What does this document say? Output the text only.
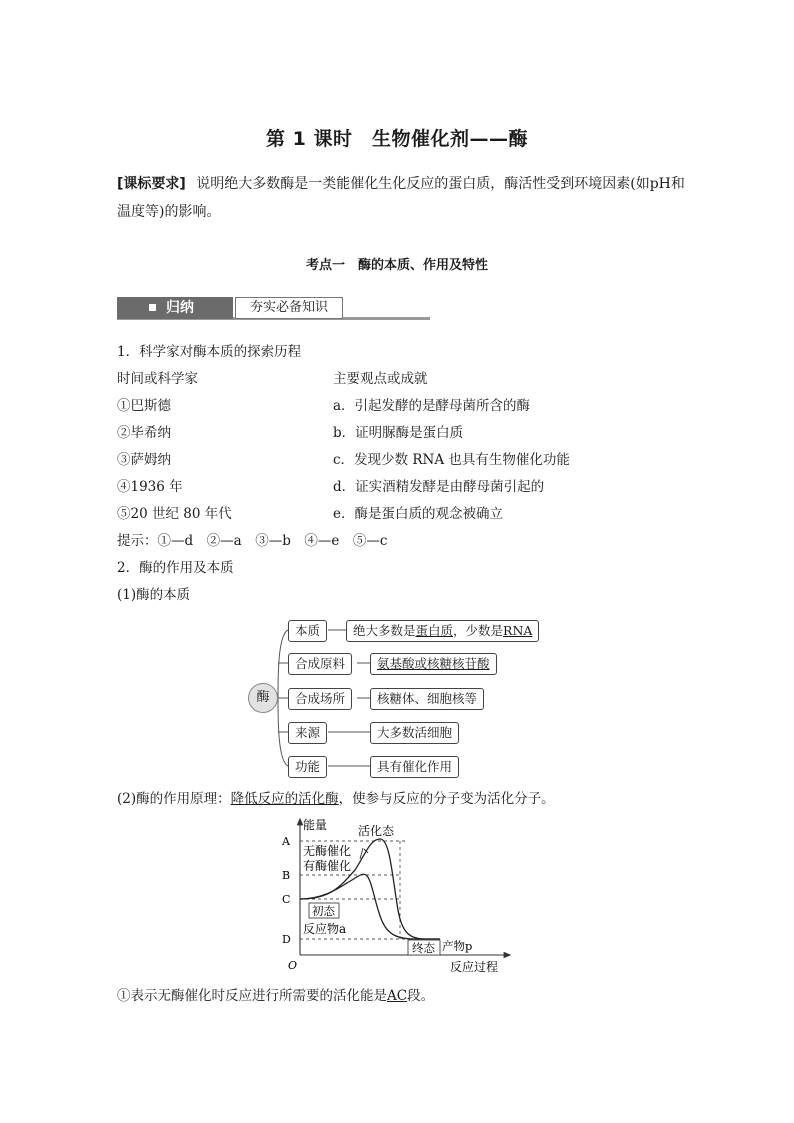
第 1 课时　生物催化剂——酶
[课标要求] 说明绝大多数酶是一类能催化生化反应的蛋白质，酶活性受到环境因素(如pH和温度等)的影响。
考点一　酶的本质、作用及特性
归纳	夯实必备知识
1．科学家对酶本质的探索历程
时间或科学家	主要观点或成就
①巴斯德	a．引起发酵的是酵母菌所含的酶
②毕希纳	b．证明脲酶是蛋白质
③萨姆纳	c．发现少数 RNA 也具有生物催化功能
④1936 年	d．证实酒精发酵是由酵母菌引起的
⑤20 世纪 80 年代	e．酶是蛋白质的观念被确立
提示：①—d　②—a　③—b　④—e　⑤—c
2．酶的作用及本质
(1)酶的本质
酶
本质	绝大多数是蛋白质，少数是RNA
合成原料	氨基酸或核糖核苷酸
合成场所	核糖体、细胞核等
来源	大多数活细胞
功能	具有催化作用
(2)酶的作用原理：降低反应的活化酶，使参与反应的分子变为活化分子。
A
B
C
D
O
能量
反应过程
活化态
无酶催化
有酶催化
初态
反应物a
终态 产物p
①表示无酶催化时反应进行所需要的活化能是AC段。
